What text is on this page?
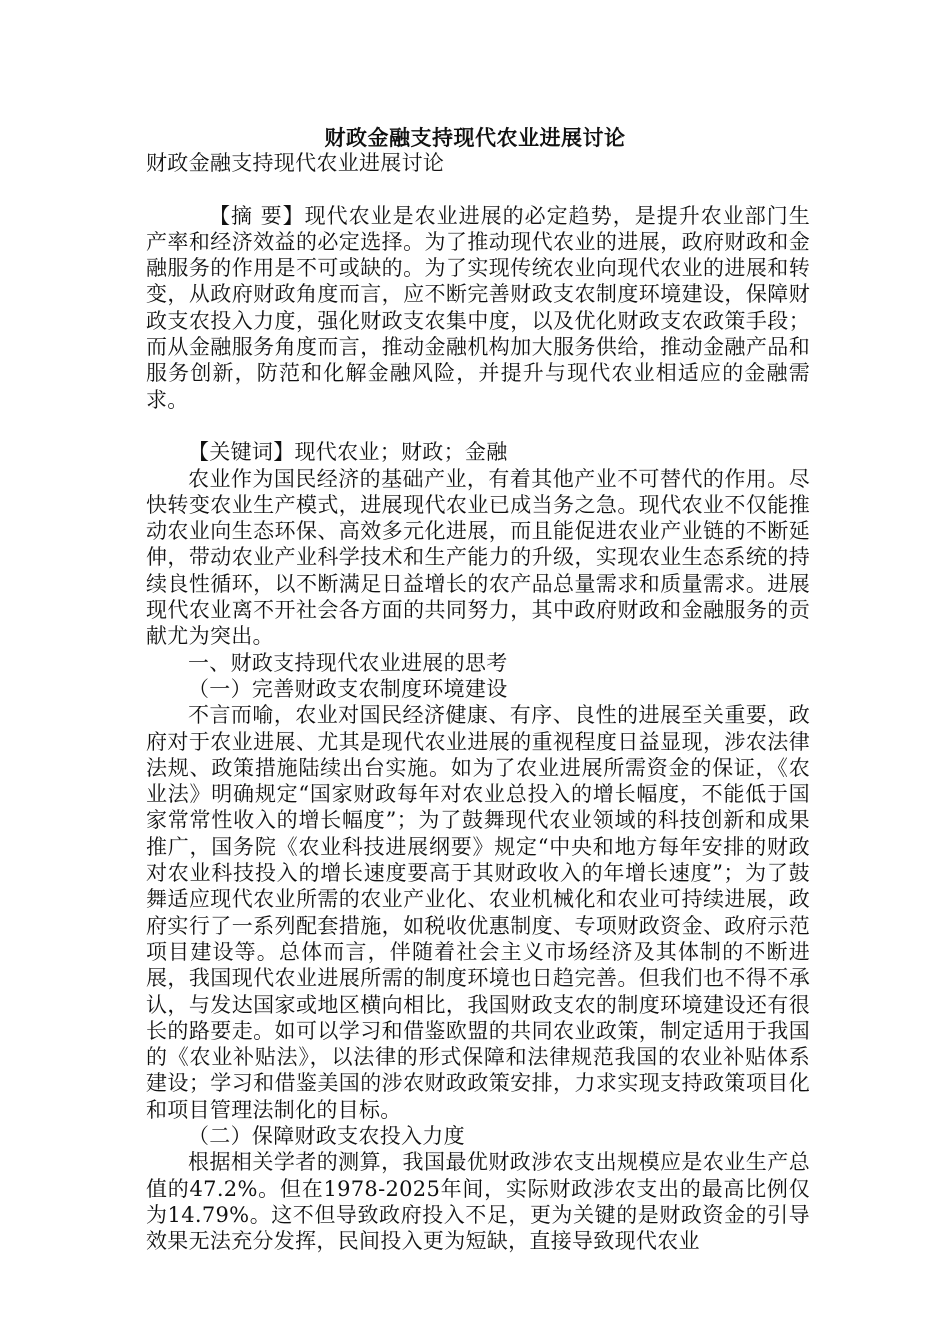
财政金融支持现代农业进展讨论

财政金融支持现代农业进展讨论

【摘 要】现代农业是农业进展的必定趋势，是提升农业部门生产率和经济效益的必定选择。为了推动现代农业的进展，政府财政和金融服务的作用是不可或缺的。为了实现传统农业向现代农业的进展和转变，从政府财政角度而言，应不断完善财政支农制度环境建设，保障财政支农投入力度，强化财政支农集中度，以及优化财政支农政策手段；而从金融服务角度而言，推动金融机构加大服务供给，推动金融产品和服务创新，防范和化解金融风险，并提升与现代农业相适应的金融需求。

【关键词】现代农业；财政；金融

农业作为国民经济的基础产业，有着其他产业不可替代的作用。尽快转变农业生产模式，进展现代农业已成当务之急。现代农业不仅能推动农业向生态环保、高效多元化进展，而且能促进农业产业链的不断延伸，带动农业产业科学技术和生产能力的升级，实现农业生态系统的持续良性循环，以不断满足日益增长的农产品总量需求和质量需求。进展现代农业离不开社会各方面的共同努力，其中政府财政和金融服务的贡献尤为突出。

一、财政支持现代农业进展的思考

（一）完善财政支农制度环境建设

不言而喻，农业对国民经济健康、有序、良性的进展至关重要，政府对于农业进展、尤其是现代农业进展的重视程度日益显现，涉农法律法规、政策措施陆续出台实施。如为了农业进展所需资金的保证，《农业法》明确规定“国家财政每年对农业总投入的增长幅度，不能低于国家常常性收入的增长幅度”；为了鼓舞现代农业领域的科技创新和成果推广，国务院《农业科技进展纲要》规定“中央和地方每年安排的财政对农业科技投入的增长速度要高于其财政收入的年增长速度”；为了鼓舞适应现代农业所需的农业产业化、农业机械化和农业可持续进展，政府实行了一系列配套措施，如税收优惠制度、专项财政资金、政府示范项目建设等。总体而言，伴随着社会主义市场经济及其体制的不断进展，我国现代农业进展所需的制度环境也日趋完善。但我们也不得不承认，与发达国家或地区横向相比，我国财政支农的制度环境建设还有很长的路要走。如可以学习和借鉴欧盟的共同农业政策，制定适用于我国的《农业补贴法》，以法律的形式保障和法律规范我国的农业补贴体系建设；学习和借鉴美国的涉农财政政策安排，力求实现支持政策项目化和项目管理法制化的目标。

（二）保障财政支农投入力度

根据相关学者的测算，我国最优财政涉农支出规模应是农业生产总值的47.2%。但在1978-2025年间，实际财政涉农支出的最高比例仅为14.79%。这不但导致政府投入不足，更为关键的是财政资金的引导效果无法充分发挥，民间投入更为短缺，直接导致现代农业
